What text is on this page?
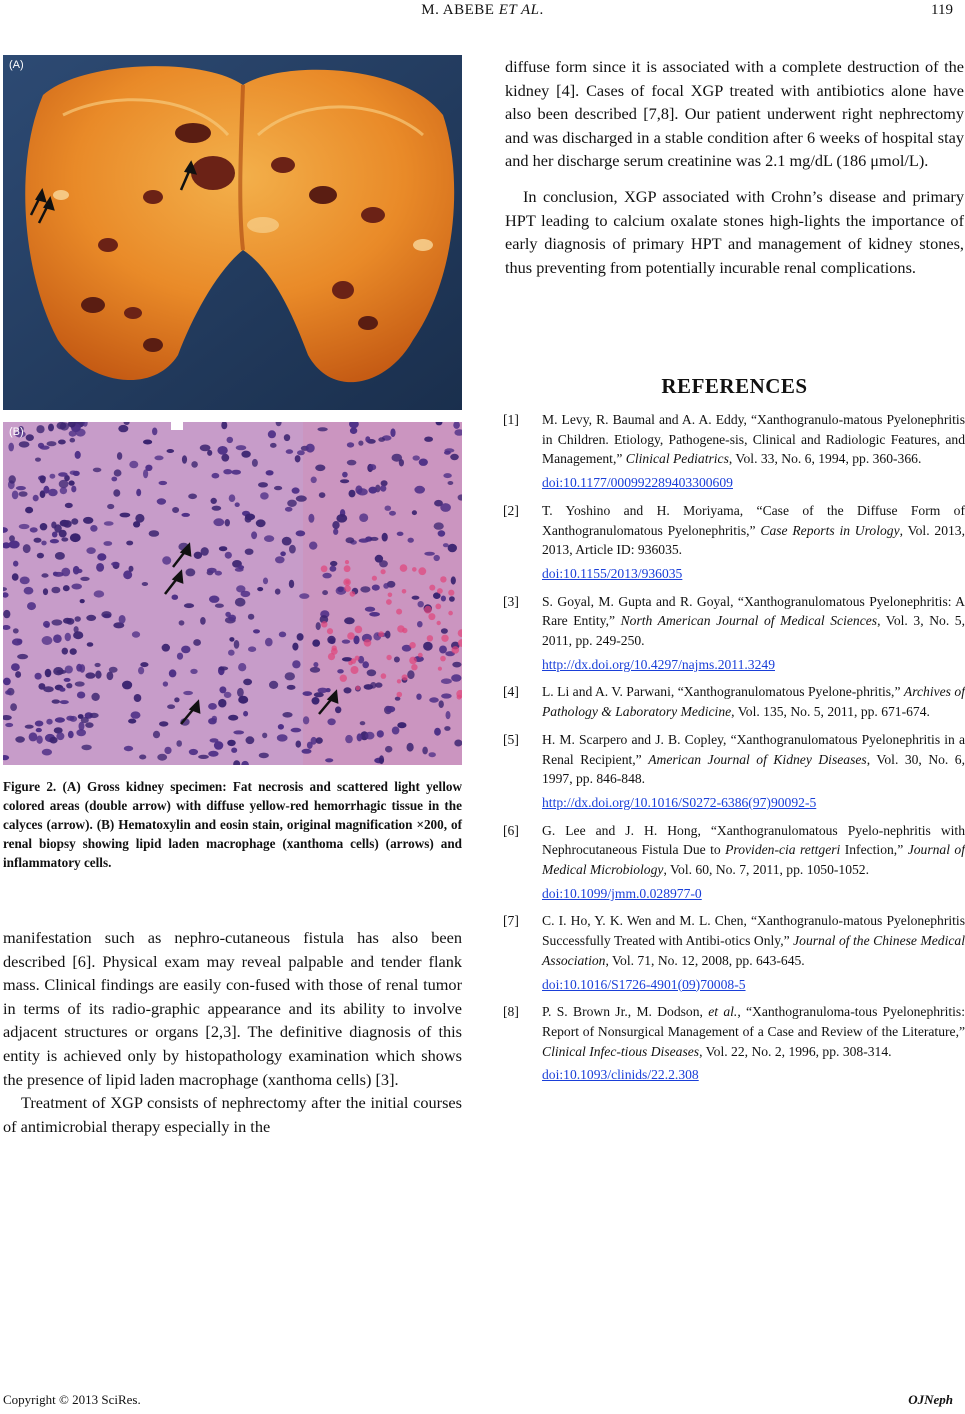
M. ABEBE ET AL.	119
(A)
(B)
Figure 2. (A) Gross kidney specimen: Fat necrosis and scattered light yellow colored areas (double arrow) with diffuse yellow-red hemorrhagic tissue in the calyces (arrow). (B) Hematoxylin and eosin stain, original magnification ×200, of renal biopsy showing lipid laden macrophage (xanthoma cells) (arrows) and inflammatory cells.

manifestation such as nephro-cutaneous fistula has also been described [6]. Physical exam may reveal palpable and tender flank mass. Clinical findings are easily con-fused with those of renal tumor in terms of its radio-graphic appearance and its ability to involve adjacent structures or organs [2,3]. The definitive diagnosis of this entity is achieved only by histopathology examination which shows the presence of lipid laden macrophage (xanthoma cells) [3].

Treatment of XGP consists of nephrectomy after the initial courses of antimicrobial therapy especially in the

diffuse form since it is associated with a complete destruction of the kidney [4]. Cases of focal XGP treated with antibiotics alone have also been described [7,8]. Our patient underwent right nephrectomy and was discharged in a stable condition after 6 weeks of hospital stay and her discharge serum creatinine was 2.1 mg/dL (186 μmol/L).

In conclusion, XGP associated with Crohn’s disease and primary HPT leading to calcium oxalate stones high-lights the importance of early diagnosis of primary HPT and management of kidney stones, thus preventing from potentially incurable renal complications.

REFERENCES
[1] M. Levy, R. Baumal and A. A. Eddy, “Xanthogranulo-matous Pyelonephritis in Children. Etiology, Pathogene-sis, Clinical and Radiologic Features, and Management,” Clinical Pediatrics, Vol. 33, No. 6, 1994, pp. 360-366.
doi:10.1177/000992289403300609
[2] T. Yoshino and H. Moriyama, “Case of the Diffuse Form of Xanthogranulomatous Pyelonephritis,” Case Reports in Urology, Vol. 2013, 2013, Article ID: 936035.
doi:10.1155/2013/936035
[3] S. Goyal, M. Gupta and R. Goyal, “Xanthogranulomatous Pyelonephritis: A Rare Entity,” North American Journal of Medical Sciences, Vol. 3, No. 5, 2011, pp. 249-250.
http://dx.doi.org/10.4297/najms.2011.3249
[4] L. Li and A. V. Parwani, “Xanthogranulomatous Pyelone-phritis,” Archives of Pathology & Laboratory Medicine, Vol. 135, No. 5, 2011, pp. 671-674.
[5] H. M. Scarpero and J. B. Copley, “Xanthogranulomatous Pyelonephritis in a Renal Recipient,” American Journal of Kidney Diseases, Vol. 30, No. 6, 1997, pp. 846-848.
http://dx.doi.org/10.1016/S0272-6386(97)90092-5
[6] G. Lee and J. H. Hong, “Xanthogranulomatous Pyelo-nephritis with Nephrocutaneous Fistula Due to Providen-cia rettgeri Infection,” Journal of Medical Microbiology, Vol. 60, No. 7, 2011, pp. 1050-1052.
doi:10.1099/jmm.0.028977-0
[7] C. I. Ho, Y. K. Wen and M. L. Chen, “Xanthogranulo-matous Pyelonephritis Successfully Treated with Antibi-otics Only,” Journal of the Chinese Medical Association, Vol. 71, No. 12, 2008, pp. 643-645.
doi:10.1016/S1726-4901(09)70008-5
[8] P. S. Brown Jr., M. Dodson, et al., “Xanthogranuloma-tous Pyelonephritis: Report of Nonsurgical Management of a Case and Review of the Literature,” Clinical Infec-tious Diseases, Vol. 22, No. 2, 1996, pp. 308-314.
doi:10.1093/clinids/22.2.308
Copyright © 2013 SciRes.	OJNeph
